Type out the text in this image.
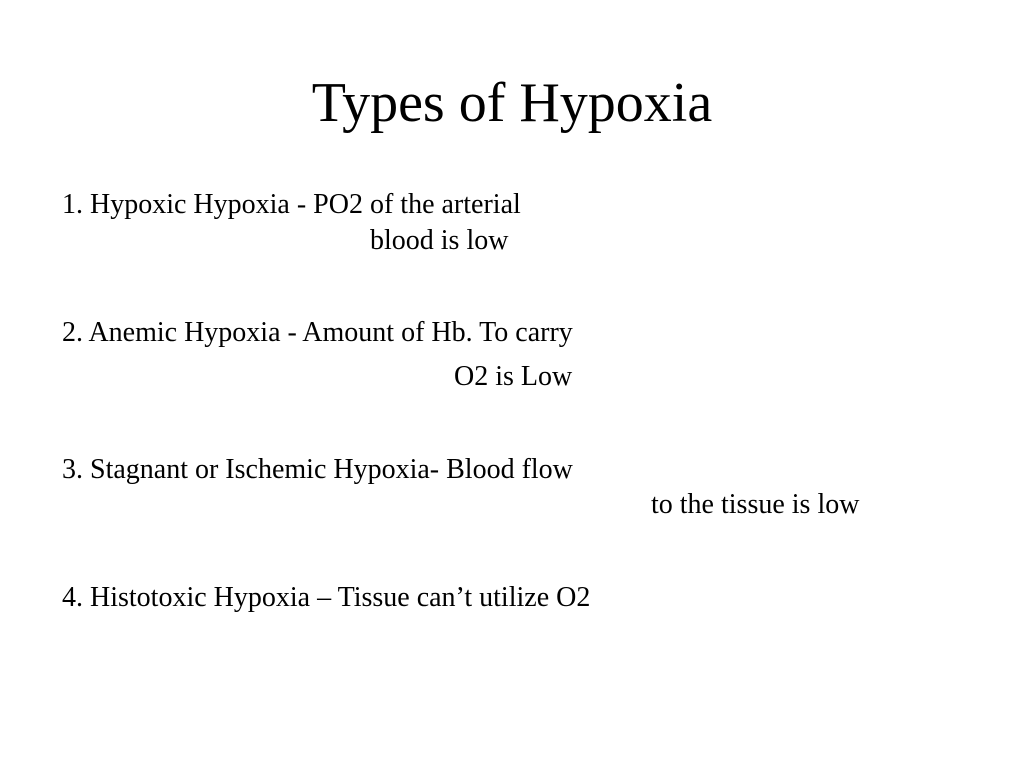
Types of Hypoxia
1. Hypoxic Hypoxia - PO2 of the arterial
blood is low
2. Anemic Hypoxia - Amount of Hb. To carry
O2 is Low
3. Stagnant or Ischemic Hypoxia- Blood flow
to the tissue is low
4. Histotoxic Hypoxia – Tissue can’t utilize O2
